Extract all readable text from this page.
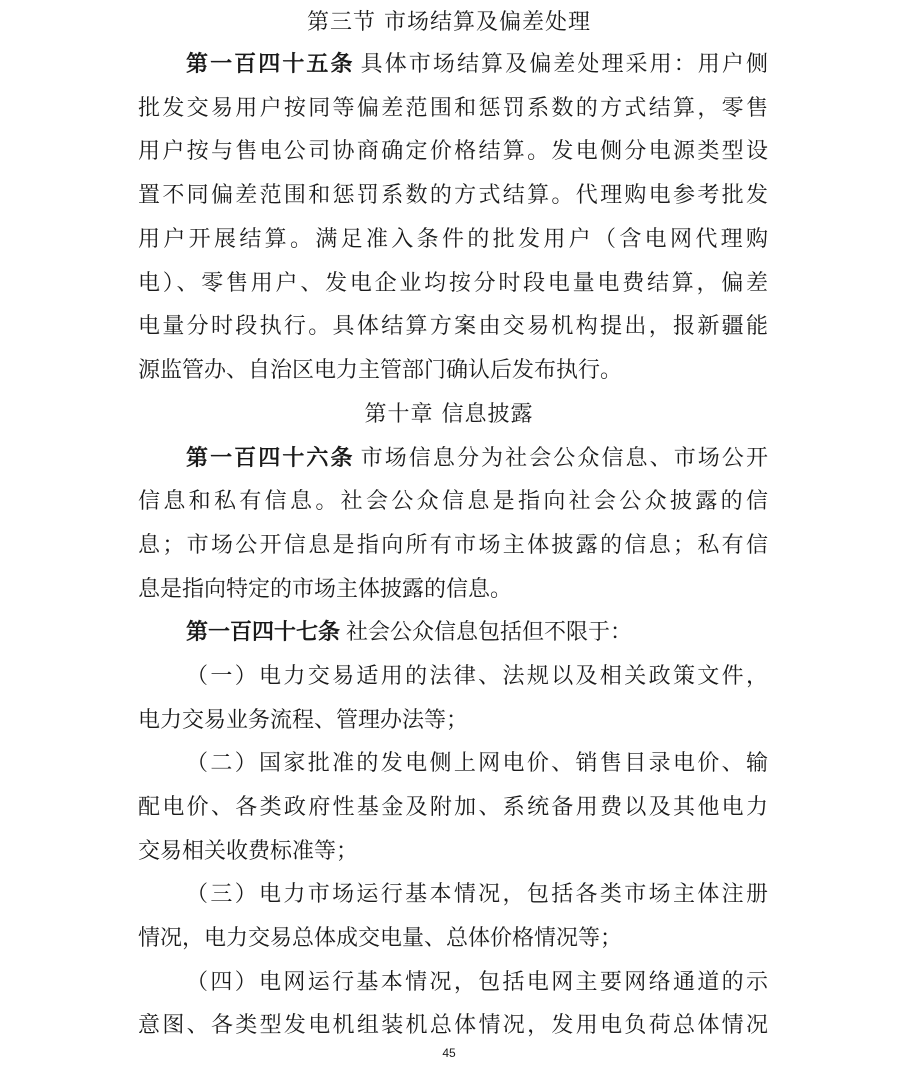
第三节 市场结算及偏差处理
第一百四十五条 具体市场结算及偏差处理采用：用户侧
批发交易用户按同等偏差范围和惩罚系数的方式结算，零售
用户按与售电公司协商确定价格结算。发电侧分电源类型设
置不同偏差范围和惩罚系数的方式结算。代理购电参考批发
用户开展结算。满足准入条件的批发用户（含电网代理购
电）、零售用户、发电企业均按分时段电量电费结算，偏差
电量分时段执行。具体结算方案由交易机构提出，报新疆能
源监管办、自治区电力主管部门确认后发布执行。
第十章 信息披露
第一百四十六条 市场信息分为社会公众信息、市场公开
信息和私有信息。社会公众信息是指向社会公众披露的信
息；市场公开信息是指向所有市场主体披露的信息；私有信
息是指向特定的市场主体披露的信息。
第一百四十七条 社会公众信息包括但不限于：
（一）电力交易适用的法律、法规以及相关政策文件，
电力交易业务流程、管理办法等；
（二）国家批准的发电侧上网电价、销售目录电价、输
配电价、各类政府性基金及附加、系统备用费以及其他电力
交易相关收费标准等；
（三）电力市场运行基本情况，包括各类市场主体注册
情况，电力交易总体成交电量、总体价格情况等；
（四）电网运行基本情况，包括电网主要网络通道的示
意图、各类型发电机组装机总体情况，发用电负荷总体情况
45
